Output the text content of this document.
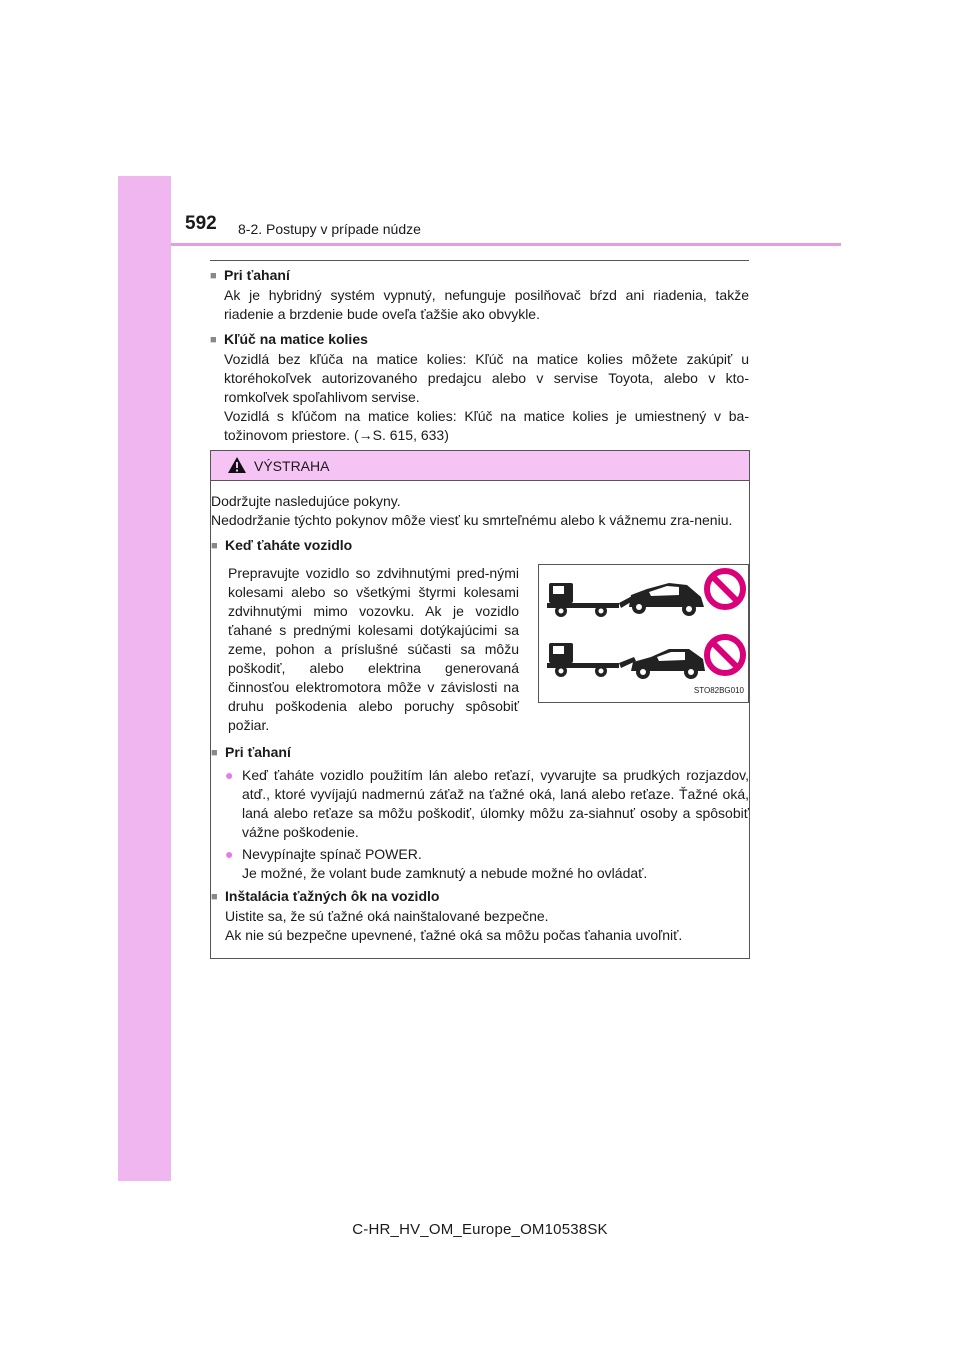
592 8-2. Postupy v prípade núdze
■ Pri ťahaní
Ak je hybridný systém vypnutý, nefunguje posilňovač bŕzd ani riadenia, takže riadenie a brzdenie bude oveľa ťažšie ako obvykle.
■ Kľúč na matice kolies
Vozidlá bez kľúča na matice kolies: Kľúč na matice kolies môžete zakúpiť u ktoréhokoľvek autorizovaného predajcu alebo v servise Toyota, alebo v kto-romkoľvek spoľahlivom servise.
Vozidlá s kľúčom na matice kolies: Kľúč na matice kolies je umiestnený v ba-tožinovom priestore. (→S. 615, 633)
VÝSTRAHA
Dodržujte nasledujúce pokyny.
Nedodržanie týchto pokynov môže viesť ku smrteľnému alebo k vážnemu zra-neniu.
■ Keď ťaháte vozidlo
Prepravujte vozidlo so zdvihnutými pred-nými kolesami alebo so všetkými štyrmi kolesami zdvihnutými mimo vozovku. Ak je vozidlo ťahané s prednými kolesami dotýkajúcimi sa zeme, pohon a príslušné súčasti sa môžu poškodiť, alebo elektrina generovaná činnosťou elektromotora môže v závislosti na druhu poškodenia alebo poruchy spôsobiť požiar.
STO82BG010
■ Pri ťahaní
● Keď ťaháte vozidlo použitím lán alebo reťazí, vyvarujte sa prudkých rozjazdov, atď., ktoré vyvíjajú nadmernú záťaž na ťažné oká, laná alebo reťaze. Ťažné oká, laná alebo reťaze sa môžu poškodiť, úlomky môžu za-siahnuť osoby a spôsobiť vážne poškodenie.
● Nevypínajte spínač POWER.
Je možné, že volant bude zamknutý a nebude možné ho ovládať.
■ Inštalácia ťažných ôk na vozidlo
Uistite sa, že sú ťažné oká nainštalované bezpečne.
Ak nie sú bezpečne upevnené, ťažné oká sa môžu počas ťahania uvoľniť.
C-HR_HV_OM_Europe_OM10538SK
